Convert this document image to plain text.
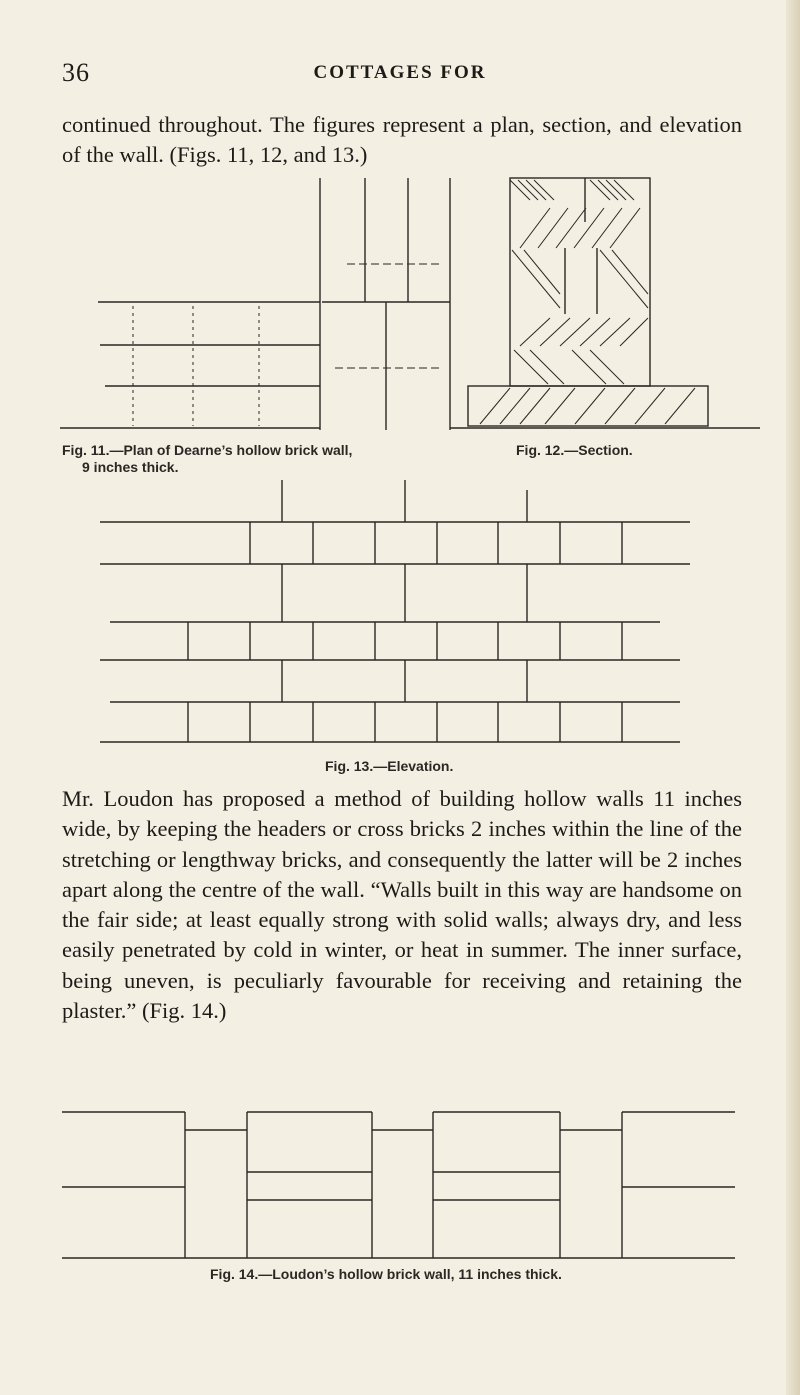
36	COTTAGES FOR

continued throughout. The figures represent a plan, section, and elevation of the wall. (Figs. 11, 12, and 13.)

Fig. 11.—Plan of Dearne’s hollow brick wall,
9 inches thick.
Fig. 12.—Section.
Fig. 13.—Elevation.

Mr. Loudon has proposed a method of building hollow walls 11 inches wide, by keeping the headers or cross bricks 2 inches within the line of the stretching or lengthway bricks, and consequently the latter will be 2 inches apart along the centre of the wall. “Walls built in this way are handsome on the fair side; at least equally strong with solid walls; always dry, and less easily penetrated by cold in winter, or heat in summer. The inner surface, being uneven, is peculiarly favourable for receiving and retaining the plaster.” (Fig. 14.)

Fig. 14.—Loudon’s hollow brick wall, 11 inches thick.
